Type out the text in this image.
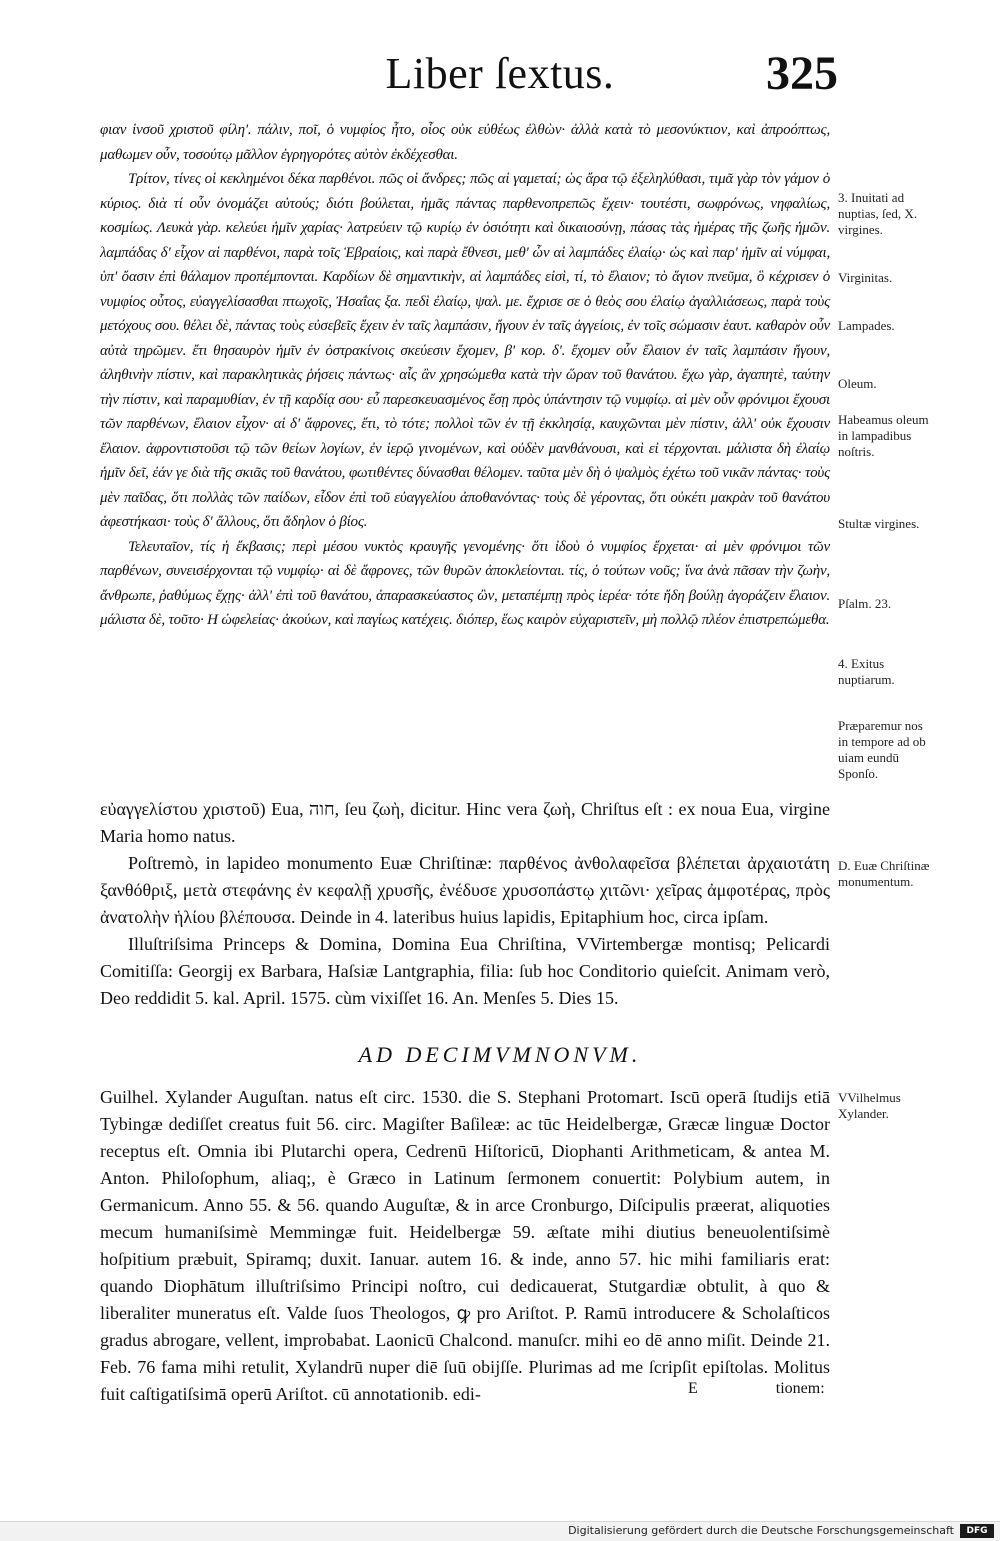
Liber ſextus.	325

φιαν ἱνσοῦ χριστοῦ φίλη'. πάλιν, ποῖ, ὁ νυμφίος ἦτο, οἷος οὐκ εὐθέως ἐλθὼν· ἀλλὰ κατὰ τὸ μεσονύκτιον, καὶ ἀπροόπτως, μαθωμεν οὖν, τοσούτῳ μᾶλλον ἐγρηγορότες αὐτὸν ἐκδέχεσθαι.

Τρίτον, τίνες οἱ κεκλημένοι δέκα παρθένοι. πῶς οἱ ἄνδρες; πῶς αἱ γαμεταί; ὡς ἄρα τῷ ἐξεληλύθασι, τιμᾶ γὰρ τὸν γάμον ὁ κύριος. διὰ τί οὖν ὀνομάζει αὐτούς; διότι βούλεται, ἡμᾶς πάντας παρθενοπρεπῶς ἔχειν· τουτέστι, σωφρόνως, νηφαλίως, κοσμίως. Λευκὰ γὰρ. κελεύει ἡμῖν χαρίας· λατρεύειν τῷ κυρίῳ ἐν ὁσιότητι καὶ δικαιοσύνῃ, πάσας τὰς ἡμέρας τῆς ζωῆς ἡμῶν. λαμπάδας δ' εἶχον αἱ παρθένοι, παρὰ τοῖς Ἑβραίοις, καὶ παρὰ ἔθνεσι, μεθ' ὧν αἱ λαμπάδες ἐλαίῳ· ὡς καὶ παρ' ἡμῖν αἱ νύμφαι, ὑπ' ὄασιν ἐπὶ θάλαμον προπέμπονται. Καρδίων δὲ σημαντικὴν, αἱ λαμπάδες εἰσὶ, τί, τὸ ἔλαιον; τὸ ἅγιον πνεῦμα, ὃ κέχρισεν ὁ νυμφίος οὗτος, εὐαγγελίσασθαι πτωχοῖς, Ἠσαΐας ξα. πεδὶ ἐλαίῳ, ψαλ. με. ἔχρισε σε ὁ θεὸς σου ἐλαίῳ ἀγαλλιάσεως, παρὰ τοὺς μετόχους σου. θέλει δὲ, πάντας τοὺς εὐσεβεῖς ἔχειν ἐν ταῖς λαμπάσιν, ἤγουν ἐν ταῖς ἀγγείοις, ἐν τοῖς σώμασιν ἑαυτ. καθαρὸν οὖν αὐτὰ τηρῶμεν. ἔτι θησαυρὸν ἡμῖν ἐν ὀστρακίνοις σκεύεσιν ἔχομεν, β' κορ. δ'. ἔχομεν οὖν ἔλαιον ἐν ταῖς λαμπάσιν ἤγουν, ἀληθινὴν πίστιν, καὶ παρακλητικὰς ῥήσεις πάντως· αἷς ἂν χρησώμεθα κατὰ τὴν ὥραν τοῦ θανάτου. ἔχω γὰρ, ἀγαπητὲ, ταύτην τὴν πίστιν, καὶ παραμυθίαν, ἐν τῇ καρδίᾳ σου· εὖ παρεσκευασμένος ἔσῃ πρὸς ὑπάντησιν τῷ νυμφίῳ. αἱ μὲν οὖν φρόνιμοι ἔχουσι τῶν παρθένων, ἔλαιον εἶχον· αἱ δ' ἄφρονες, ἔτι, τὸ τότε; πολλοὶ τῶν ἐν τῇ ἐκκλησίᾳ, καυχῶνται μὲν πίστιν, ἀλλ' οὐκ ἔχουσιν ἔλαιον. ἀφροντιστοῦσι τῷ τῶν θείων λογίων, ἐν ἱερῷ γινομένων, καὶ οὐδὲν μανθάνουσι, καὶ εἰ τέρχονται. μάλιστα δὴ ἐλαίῳ ἡμῖν δεῖ, ἐάν γε διὰ τῆς σκιᾶς τοῦ θανάτου, φωτιθέντες δύνασθαι θέλομεν. ταῦτα μὲν δὴ ὁ ψαλμὸς ἐχέτω τοῦ νικᾶν πάντας· τοὺς μὲν παῖδας, ὅτι πολλὰς τῶν παίδων, εἶδον ἐπὶ τοῦ εὐαγγελίου ἀποθανόντας· τοὺς δὲ γέροντας, ὅτι οὐκέτι μακρὰν τοῦ θανάτου ἀφεστήκασι· τοὺς δ' ἄλλους, ὅτι ἄδηλον ὁ βίος.

Τελευταῖον, τίς ἡ ἔκβασις; περὶ μέσου νυκτὸς κραυγῆς γενομένης· ὅτι ἰδοὺ ὁ νυμφίος ἔρχεται· αἱ μὲν φρόνιμοι τῶν παρθένων, συνεισέρχονται τῷ νυμφίῳ· αἱ δὲ ἄφρονες, τῶν θυρῶν ἀποκλείονται. τίς, ὁ τούτων νοῦς; ἵνα ἀνὰ πᾶσαν τὴν ζωὴν, ἄνθρωπε, ῥαθύμως ἔχῃς· ἀλλ' ἐπὶ τοῦ θανάτου, ἀπαρασκεύαστος ὢν, μεταπέμπῃ πρὸς ἱερέα· τότε ἤδη βούλῃ ἀγοράζειν ἔλαιον. μάλιστα δὲ, τοῦτο· Η ὠφελείας· ἀκούων, καὶ παγίως κατέχεις. διόπερ, ἕως καιρὸν εὐχαριστεῖν, μὴ πολλῷ πλέον ἐπιστρεπώμεθα.

3. Inuitati ad nuptias, ſed, X. virgines.
Virginitas.
Lampades.
Oleum.
Habeamus oleum in lampadibus noſtris.
Stultæ virgines.
Pſalm. 23.
4. Exitus nuptiarum.
Præparemur nos in tempore ad ob uiam eundū Sponſo.

εὐαγγελίστου χριστοῦ) Eua, חוה, ſeu ζωὴ, dicitur. Hinc vera ζωὴ, Chriſtus eſt : ex noua Eua, virgine Maria homo natus.

Poſtremò, in lapideo monumento Euæ Chriſtinæ: παρθένος ἀνθολαφεῖσα βλέπεται ἀρχαιοτάτη ξανθόθριξ, μετὰ στεφάνης ἐν κεφαλῇ χρυσῆς, ἐνέδυσε χρυσοπάστῳ χιτῶνι· χεῖρας ἀμφοτέρας, πρὸς ἀνατολὴν ἡλίου βλέπουσα. Deinde in 4. lateribus huius lapidis, Epitaphium hoc, circa ipſam.

Illuſtriſsima Princeps & Domina, Domina Eua Chriſtina, VVirtembergæ montisq; Pelicardi Comitiſſa: Georgij ex Barbara, Haſsiæ Lantgraphia, filia: ſub hoc Conditorio quieſcit. Animam verò, Deo reddidit 5. kal. April. 1575. cùm vixiſſet 16. An. Menſes 5. Dies 15.

D. Euæ Chriſtinæ monumentum.
AD DECIMVMNONVM.

Guilhel. Xylander Auguſtan. natus eſt circ. 1530. die S. Stephani Protomart. Iscū operā ſtudijs etiā Tybingæ dediſſet creatus fuit 56. circ. Magiſter Baſileæ: ac tūc Heidelbergæ, Græcæ linguæ Doctor receptus eſt. Omnia ibi Plutarchi opera, Cedrenū Hiſtoricū, Diophanti Arithmeticam, & antea M. Anton. Philoſophum, aliaq;, è Græco in Latinum ſermonem conuertit: Polybium autem, in Germanicum. Anno 55. & 56. quando Auguſtæ, & in arce Cronburgo, Diſcipulis præerat, aliquoties mecum humaniſsimè Memmingæ fuit. Heidelbergæ 59. æſtate mihi diutius beneuolentiſsimè hoſpitium præbuit, Spiramq; duxit. Ianuar. autem 16. & inde, anno 57. hic mihi familiaris erat: quando Diophātum illuſtriſsimo Principi noſtro, cui dedicauerat, Stutgardiæ obtulit, à quo & liberaliter muneratus eſt. Valde ſuos Theologos, ꝙ pro Ariſtot. P. Ramū introducere & Scholaſticos gradus abrogare, vellent, improbabat. Laonicū Chalcond. manuſcr. mihi eo dē anno miſit. Deinde 21. Feb. 76 fama mihi retulit, Xylandrū nuper diē ſuū obijſſe. Plurimas ad me ſcripſit epiſtolas. Molitus fuit caſtigatiſsimā operū Ariſtot. cū annotationib. edi-

VVilhelmus Xylander.
E	tionem:
Digitalisierung gefördert durch die Deutsche Forschungsgemeinschaft	DFG
